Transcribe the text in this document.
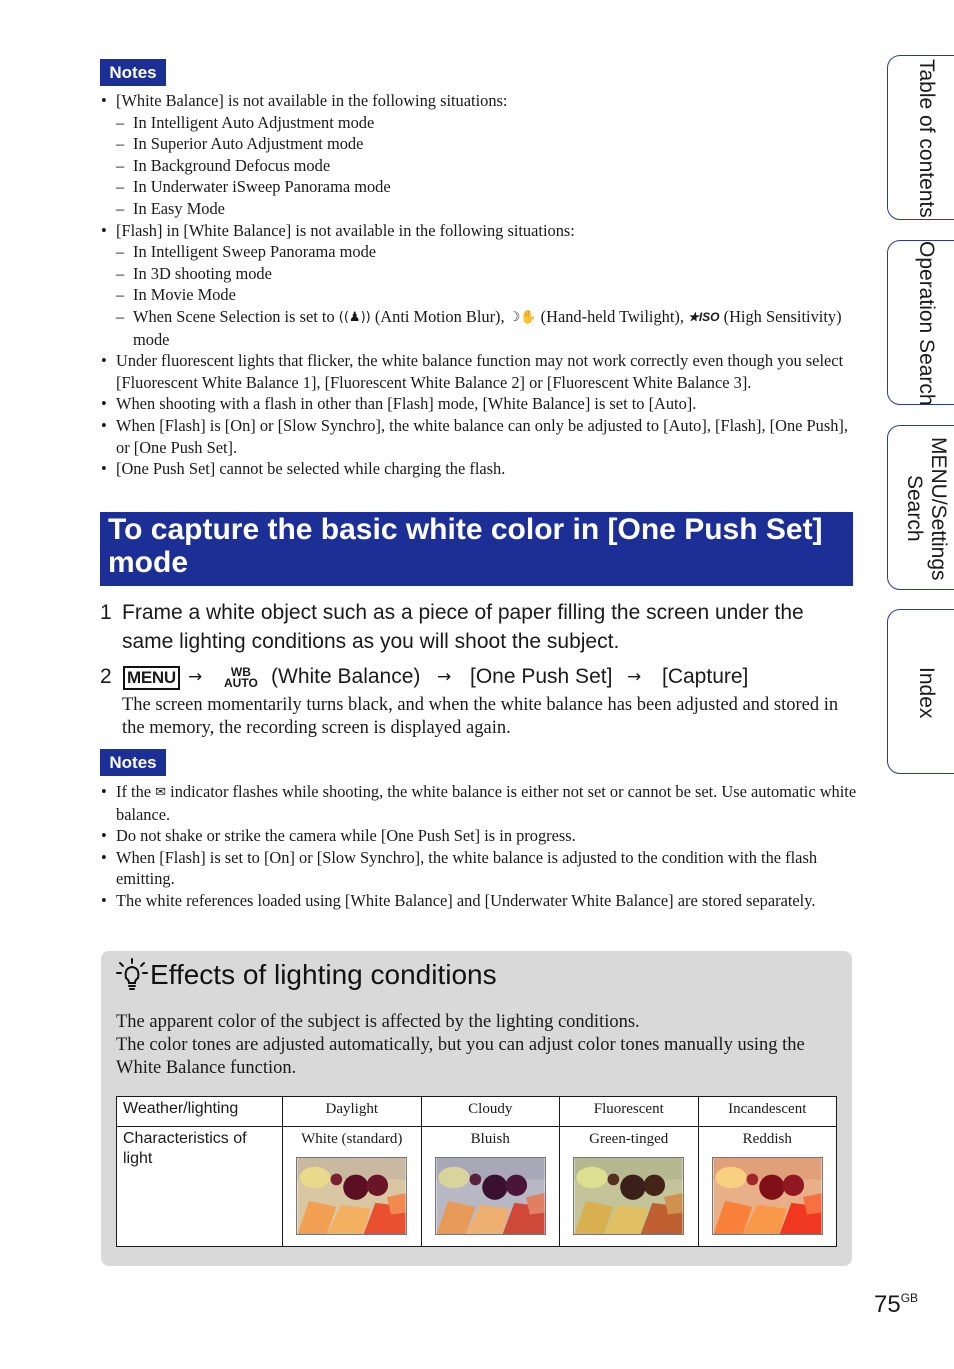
Notes
• [White Balance] is not available in the following situations:
– In Intelligent Auto Adjustment mode
– In Superior Auto Adjustment mode
– In Background Defocus mode
– In Underwater iSweep Panorama mode
– In Easy Mode
• [Flash] in [White Balance] is not available in the following situations:
– In Intelligent Sweep Panorama mode
– In 3D shooting mode
– In Movie Mode
– When Scene Selection is set to ((♟)) (Anti Motion Blur), ☽✋ (Hand-held Twilight), ★ISO (High Sensitivity) mode
• Under fluorescent lights that flicker, the white balance function may not work correctly even though you select [Fluorescent White Balance 1], [Fluorescent White Balance 2] or [Fluorescent White Balance 3].
• When shooting with a flash in other than [Flash] mode, [White Balance] is set to [Auto].
• When [Flash] is [On] or [Slow Synchro], the white balance can only be adjusted to [Auto], [Flash], [One Push], or [One Push Set].
• [One Push Set] cannot be selected while charging the flash.
To capture the basic white color in [One Push Set] mode
1 Frame a white object such as a piece of paper filling the screen under the same lighting conditions as you will shoot the subject.
2 MENU →	WB
AUTO (White Balance) → [One Push Set] → [Capture]
The screen momentarily turns black, and when the white balance has been adjusted and stored in the memory, the recording screen is displayed again.
Notes
• If the ✉ indicator flashes while shooting, the white balance is either not set or cannot be set. Use automatic white balance.
• Do not shake or strike the camera while [One Push Set] is in progress.
• When [Flash] is set to [On] or [Slow Synchro], the white balance is adjusted to the condition with the flash emitting.
• The white references loaded using [White Balance] and [Underwater White Balance] are stored separately.
Effects of lighting conditions
The apparent color of the subject is affected by the lighting conditions.
The color tones are adjusted automatically, but you can adjust color tones manually using the White Balance function.
Weather/lighting	Daylight	Cloudy	Fluorescent	Incandescent
Characteristics of light	White (standard)	Bluish	Green-tinged	Reddish
Table of contents
Operation Search
MENU/Settings Search
Index
$75^{GB}$
